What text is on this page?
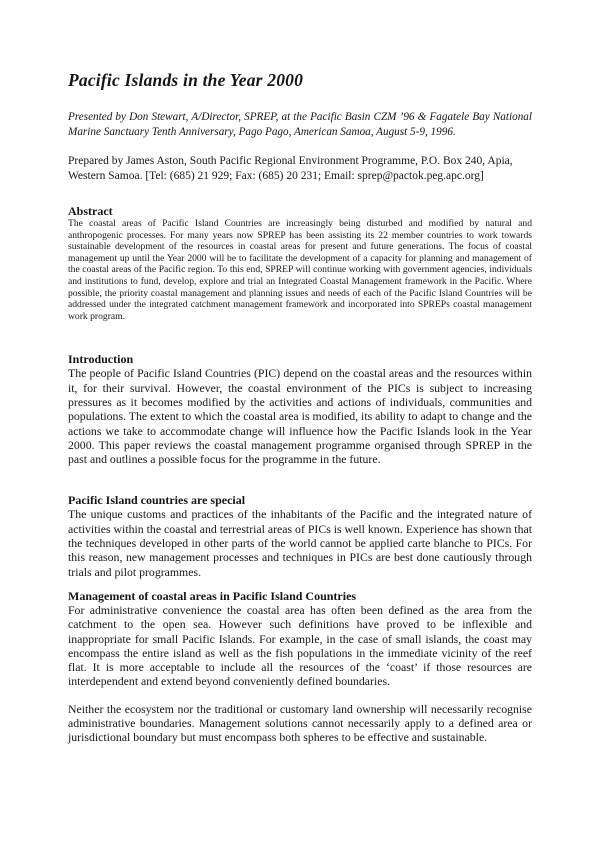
Pacific Islands in the Year 2000

Presented by Don Stewart, A/Director, SPREP, at the Pacific Basin CZM ’96 & Fagatele Bay National Marine Sanctuary Tenth Anniversary, Pago Pago, American Samoa, August 5-9, 1996.

Prepared by James Aston, South Pacific Regional Environment Programme, P.O. Box 240, Apia, Western Samoa. [Tel: (685) 21 929; Fax: (685) 20 231; Email: sprep@pactok.peg.apc.org]

Abstract

The coastal areas of Pacific Island Countries are increasingly being disturbed and modified by natural and anthropogenic processes. For many years now SPREP has been assisting its 22 member countries to work towards sustainable development of the resources in coastal areas for present and future generations. The focus of coastal management up until the Year 2000 will be to facilitate the development of a capacity for planning and management of the coastal areas of the Pacific region. To this end, SPREP will continue working with government agencies, individuals and institutions to fund, develop, explore and trial an Integrated Coastal Management framework in the Pacific. Where possible, the priority coastal management and planning issues and needs of each of the Pacific Island Countries will be addressed under the integrated catchment management framework and incorporated into SPREPs coastal management work program.

Introduction

The people of Pacific Island Countries (PIC) depend on the coastal areas and the resources within it, for their survival. However, the coastal environment of the PICs is subject to increasing pressures as it becomes modified by the activities and actions of individuals, communities and populations. The extent to which the coastal area is modified, its ability to adapt to change and the actions we take to accommodate change will influence how the Pacific Islands look in the Year 2000. This paper reviews the coastal management programme organised through SPREP in the past and outlines a possible focus for the programme in the future.

Pacific Island countries are special

The unique customs and practices of the inhabitants of the Pacific and the integrated nature of activities within the coastal and terrestrial areas of PICs is well known. Experience has shown that the techniques developed in other parts of the world cannot be applied carte blanche to PICs. For this reason, new management processes and techniques in PICs are best done cautiously through trials and pilot programmes.

Management of coastal areas in Pacific Island Countries

For administrative convenience the coastal area has often been defined as the area from the catchment to the open sea. However such definitions have proved to be inflexible and inappropriate for small Pacific Islands. For example, in the case of small islands, the coast may encompass the entire island as well as the fish populations in the immediate vicinity of the reef flat. It is more acceptable to include all the resources of the ‘coast’ if those resources are interdependent and extend beyond conveniently defined boundaries.

Neither the ecosystem nor the traditional or customary land ownership will necessarily recognise administrative boundaries. Management solutions cannot necessarily apply to a defined area or jurisdictional boundary but must encompass both spheres to be effective and sustainable.
